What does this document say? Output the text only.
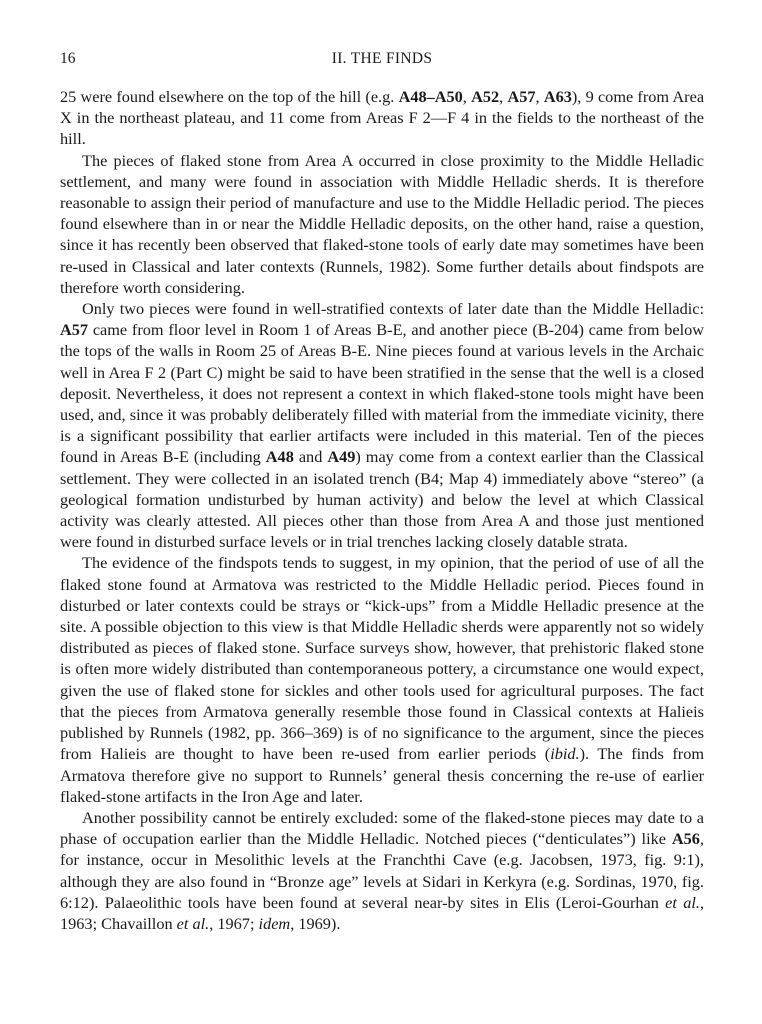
16	II. THE FINDS

25 were found elsewhere on the top of the hill (e.g. A48–A50, A52, A57, A63), 9 come from Area X in the northeast plateau, and 11 come from Areas F 2—F 4 in the fields to the northeast of the hill.

The pieces of flaked stone from Area A occurred in close proximity to the Middle Helladic settlement, and many were found in association with Middle Helladic sherds. It is therefore reasonable to assign their period of manufacture and use to the Middle Helladic period. The pieces found elsewhere than in or near the Middle Helladic deposits, on the other hand, raise a question, since it has recently been observed that flaked-stone tools of early date may sometimes have been re-used in Classical and later contexts (Runnels, 1982). Some further details about findspots are therefore worth considering.

Only two pieces were found in well-stratified contexts of later date than the Middle Helladic: A57 came from floor level in Room 1 of Areas B-E, and another piece (B-204) came from below the tops of the walls in Room 25 of Areas B-E. Nine pieces found at various levels in the Archaic well in Area F 2 (Part C) might be said to have been stratified in the sense that the well is a closed deposit. Nevertheless, it does not represent a context in which flaked-stone tools might have been used, and, since it was probably deliberately filled with material from the immediate vicinity, there is a significant possibility that earlier artifacts were included in this material. Ten of the pieces found in Areas B-E (including A48 and A49) may come from a context earlier than the Classical settlement. They were collected in an isolated trench (B4; Map 4) immediately above “stereo” (a geological formation undisturbed by human activity) and below the level at which Classical activity was clearly attested. All pieces other than those from Area A and those just mentioned were found in disturbed surface levels or in trial trenches lacking closely datable strata.

The evidence of the findspots tends to suggest, in my opinion, that the period of use of all the flaked stone found at Armatova was restricted to the Middle Helladic period. Pieces found in disturbed or later contexts could be strays or “kick-ups” from a Middle Helladic presence at the site. A possible objection to this view is that Middle Helladic sherds were apparently not so widely distributed as pieces of flaked stone. Surface surveys show, however, that prehistoric flaked stone is often more widely distributed than contemporaneous pottery, a circumstance one would expect, given the use of flaked stone for sickles and other tools used for agricultural purposes. The fact that the pieces from Armatova generally resemble those found in Classical contexts at Halieis published by Runnels (1982, pp. 366–369) is of no significance to the argument, since the pieces from Halieis are thought to have been re-used from earlier periods (ibid.). The finds from Armatova therefore give no support to Runnels’ general thesis concerning the re-use of earlier flaked-stone artifacts in the Iron Age and later.

Another possibility cannot be entirely excluded: some of the flaked-stone pieces may date to a phase of occupation earlier than the Middle Helladic. Notched pieces (“denticulates”) like A56, for instance, occur in Mesolithic levels at the Franchthi Cave (e.g. Jacobsen, 1973, fig. 9:1), although they are also found in “Bronze age” levels at Sidari in Kerkyra (e.g. Sordinas, 1970, fig. 6:12). Palaeolithic tools have been found at several near-by sites in Elis (Leroi-Gourhan et al., 1963; Chavaillon et al., 1967; idem, 1969).
